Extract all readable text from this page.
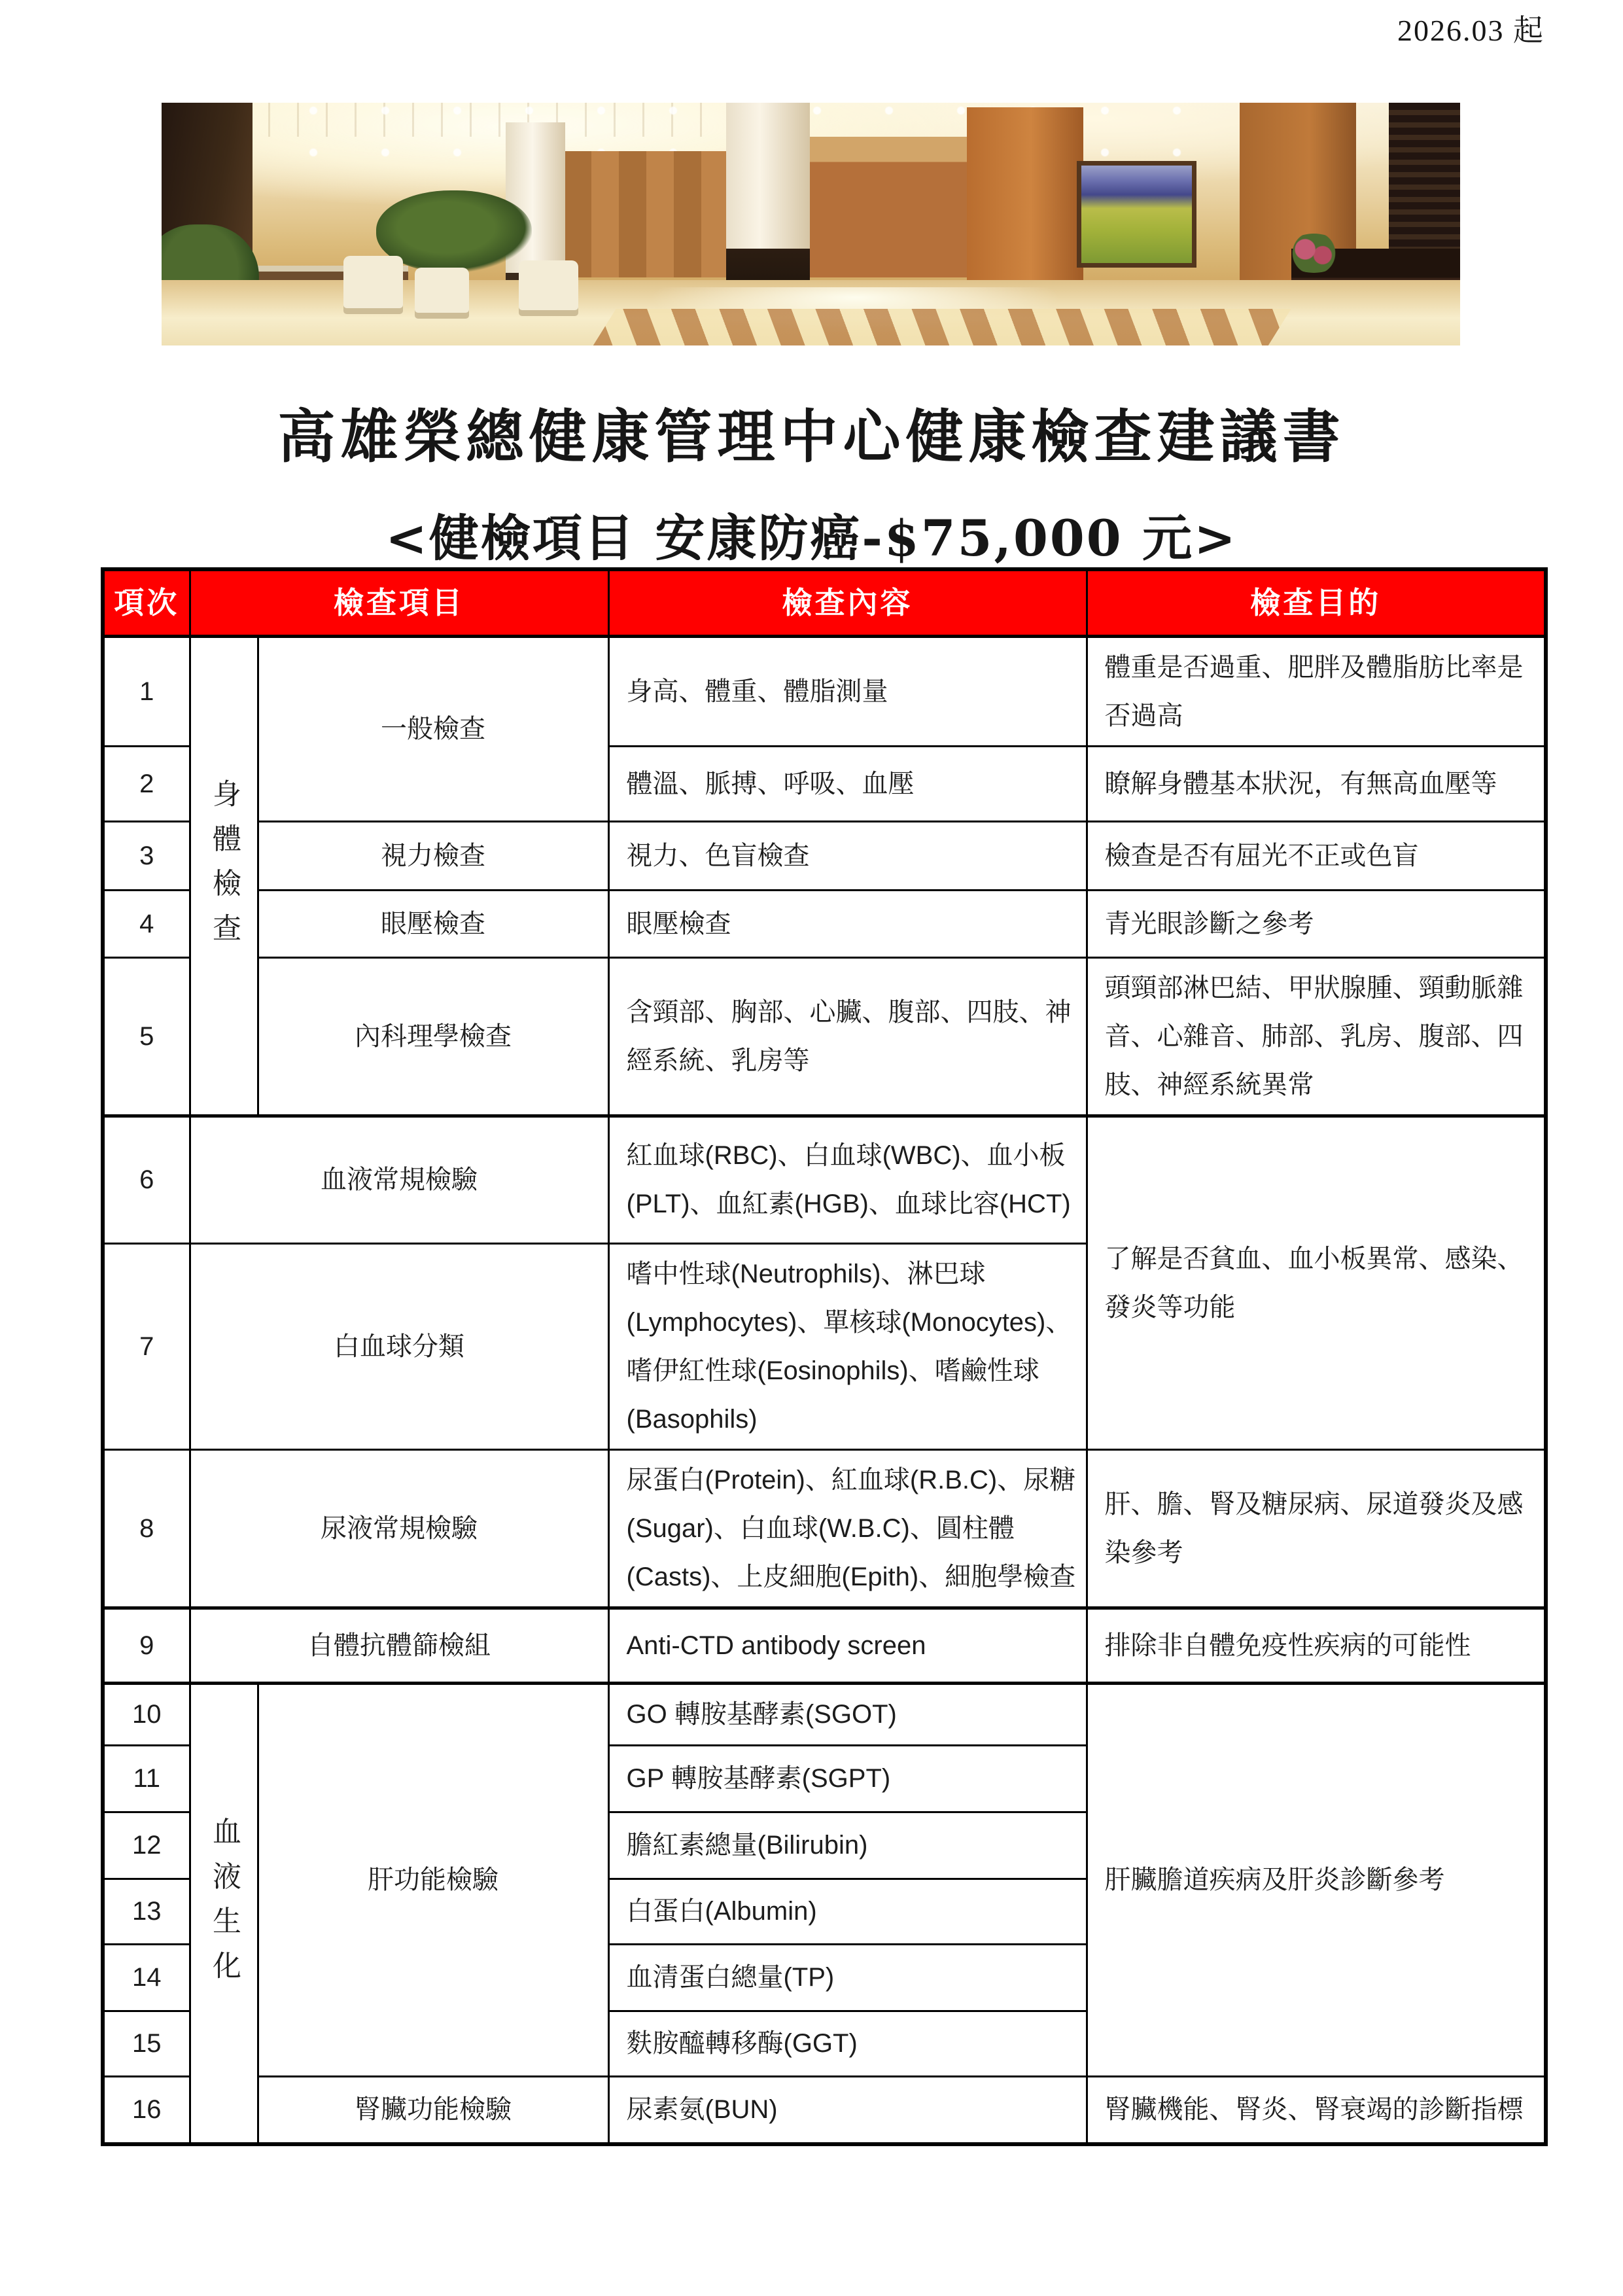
2026.03 起
高雄榮總健康管理中心健康檢查建議書
<健檢項目 安康防癌-$75,000 元>
項次	檢查項目		檢查內容	檢查目的
1	身體檢查	一般檢查	身高、體重、體脂測量	體重是否過重、肥胖及體脂肪比率是否過高
2			體溫、脈搏、呼吸、血壓	瞭解身體基本狀況，有無高血壓等
3		視力檢查	視力、色盲檢查	檢查是否有屈光不正或色盲
4		眼壓檢查	眼壓檢查	青光眼診斷之參考
5		內科理學檢查	含頸部、胸部、心臟、腹部、四肢、神經系統、乳房等	頭頸部淋巴結、甲狀腺腫、頸動脈雜音、心雜音、肺部、乳房、腹部、四肢、神經系統異常
6	血液常規檢驗		紅血球(RBC)、白血球(WBC)、血小板(PLT)、血紅素(HGB)、血球比容(HCT)	了解是否貧血、血小板異常、感染、發炎等功能
7	白血球分類		嗜中性球(Neutrophils)、淋巴球(Lymphocytes)、單核球(Monocytes)、嗜伊紅性球(Eosinophils)、嗜鹼性球(Basophils)	
8	尿液常規檢驗		尿蛋白(Protein)、紅血球(R.B.C)、尿糖(Sugar)、白血球(W.B.C)、圓柱體(Casts)、上皮細胞(Epith)、細胞學檢查	肝、膽、腎及糖尿病、尿道發炎及感染參考
9	自體抗體篩檢組		Anti-CTD antibody screen	排除非自體免疫性疾病的可能性
10	血液生化	肝功能檢驗	GO 轉胺基酵素(SGOT)	肝臟膽道疾病及肝炎診斷參考
11			GP 轉胺基酵素(SGPT)	
12			膽紅素總量(Bilirubin)	
13			白蛋白(Albumin)	
14			血清蛋白總量(TP)	
15			麩胺醯轉移酶(GGT)	
16		腎臟功能檢驗	尿素氨(BUN)	腎臟機能、腎炎、腎衰竭的診斷指標
